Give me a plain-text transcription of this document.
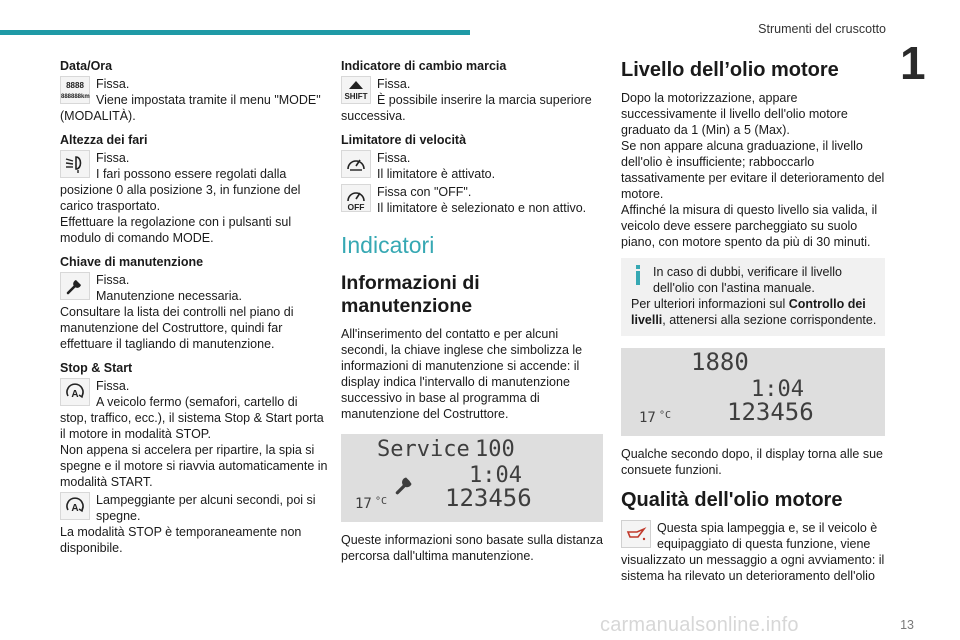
Strumenti del cruscotto
1
Data/Ora
8888
888888km
Fissa.
Viene impostata tramite il menu "MODE" (MODALITÀ).
Altezza dei fari
Fissa.
I fari possono essere regolati dalla posizione 0 alla posizione 3, in funzione del carico trasportato.
Effettuare la regolazione con i pulsanti sul modulo di comando MODE.
Chiave di manutenzione
Fissa.
Manutenzione necessaria.
Consultare la lista dei controlli nel piano di manutenzione del Costruttore, quindi far effettuare il tagliando di manutenzione.
Stop & Start
A
Fissa.
A veicolo fermo (semafori, cartello di stop, traffico, ecc.), il sistema Stop & Start porta il motore in modalità STOP.
Non appena si accelera per ripartire, la spia si spegne e il motore si riavvia automaticamente in modalità START.
A
Lampeggiante per alcuni secondi, poi si spegne.
La modalità STOP è temporaneamente non disponibile.
Indicatore di cambio marcia
SHIFT
Fissa.
È possibile inserire la marcia superiore successiva.
Limitatore di velocità
Fissa.
Il limitatore è attivato.
OFF
Fissa con "OFF".
Il limitatore è selezionato e non attivo.
Indicatori
Informazioni di manutenzione

All'inserimento del contatto e per alcuni secondi, la chiave inglese che simbolizza le informazioni di manutenzione si accende: il display indica l'intervallo di manutenzione successivo in base al programma di manutenzione del Costruttore.

Service 100
1:04
17 °C 123456

Queste informazioni sono basate sulla distanza percorsa dall'ultima manutenzione.

Livello dell’olio motore
Dopo la motorizzazione, appare successivamente il livello dell'olio motore graduato da 1 (Min) a 5 (Max).
Se non appare alcuna graduazione, il livello dell'olio è insufficiente; rabboccarlo tassativamente per evitare il deterioramento del motore.
Affinché la misura di questo livello sia valida, il veicolo deve essere parcheggiato su suolo piano, con motore spento da più di 30 minuti.
In caso di dubbi, verificare il livello dell'olio con l'astina manuale.
Per ulteriori informazioni sul Controllo dei livelli, attenersi alla sezione corrispondente.
1880
1:04
17 °C 123456

Qualche secondo dopo, il display torna alle sue consuete funzioni.

Qualità dell'olio motore

Questa spia lampeggia e, se il veicolo è equipaggiato di questa funzione, viene visualizzato un messaggio a ogni avviamento: il sistema ha rilevato un deterioramento dell'olio

13
carmanualsonline.info
